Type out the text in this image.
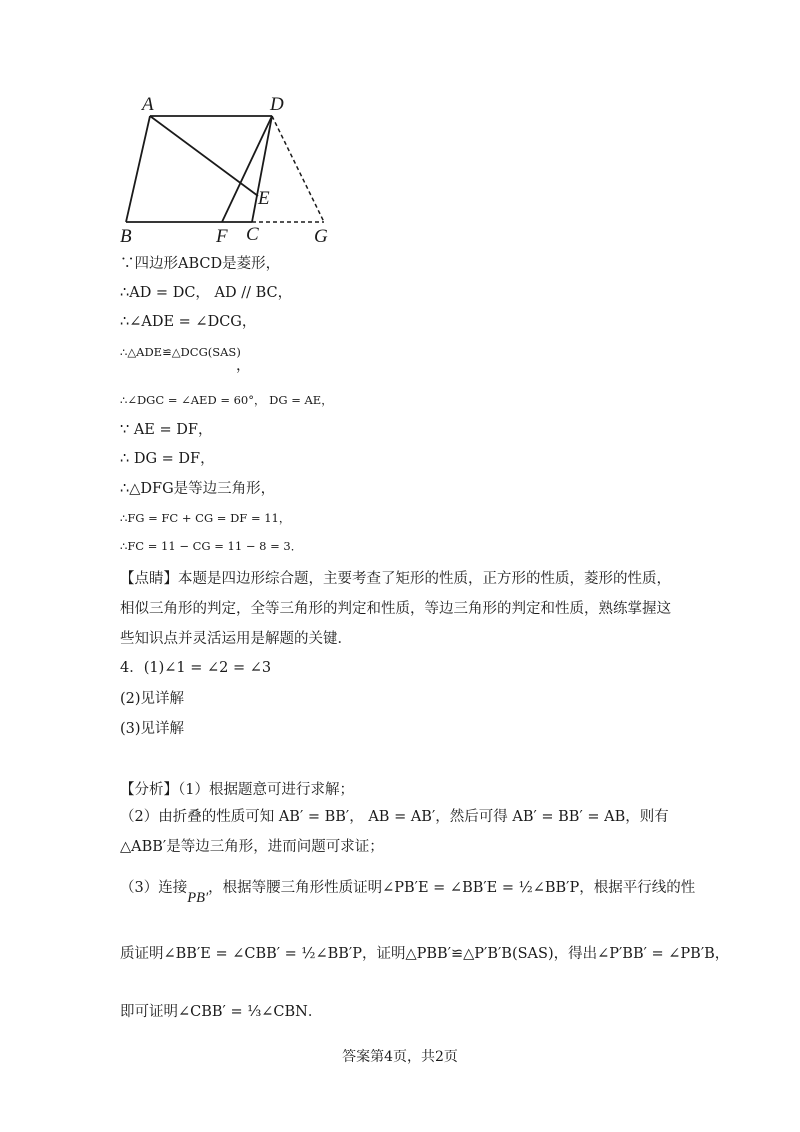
A	D
E
B	F C	G
∵四边形ABCD是菱形，
∴AD = DC， AD // BC，
∴∠ADE = ∠DCG，
∴△ADE≌△DCG(SAS)
，
∴∠DGC = ∠AED = 60°， DG = AE，
∵ AE = DF，
∴ DG = DF，
∴△DFG是等边三角形，
∴FG = FC + CG = DF = 11，
∴FC = 11 − CG = 11 − 8 = 3．
【点睛】本题是四边形综合题，主要考查了矩形的性质，正方形的性质，菱形的性质，相似三角形的判定，全等三角形的判定和性质，等边三角形的判定和性质，熟练掌握这些知识点并灵活运用是解题的关键．
4．(1)∠1 = ∠2 = ∠3
(2)见详解
(3)见详解
【分析】（1）根据题意可进行求解；
（2）由折叠的性质可知 AB′ = BB′， AB = AB′，然后可得 AB′ = BB′ = AB，则有△ABB′是等边三角形，进而问题可求证；
（3）连接PB′，根据等腰三角形性质证明∠PB′E = ∠BB′E = ½∠BB′P，根据平行线的性
质证明∠BB′E = ∠CBB′ = ½∠BB′P，证明△PBB′≌△P′B′B(SAS)，得出∠P′BB′ = ∠PB′B，
即可证明∠CBB′ = ⅓∠CBN．
答案第4页，共2页
